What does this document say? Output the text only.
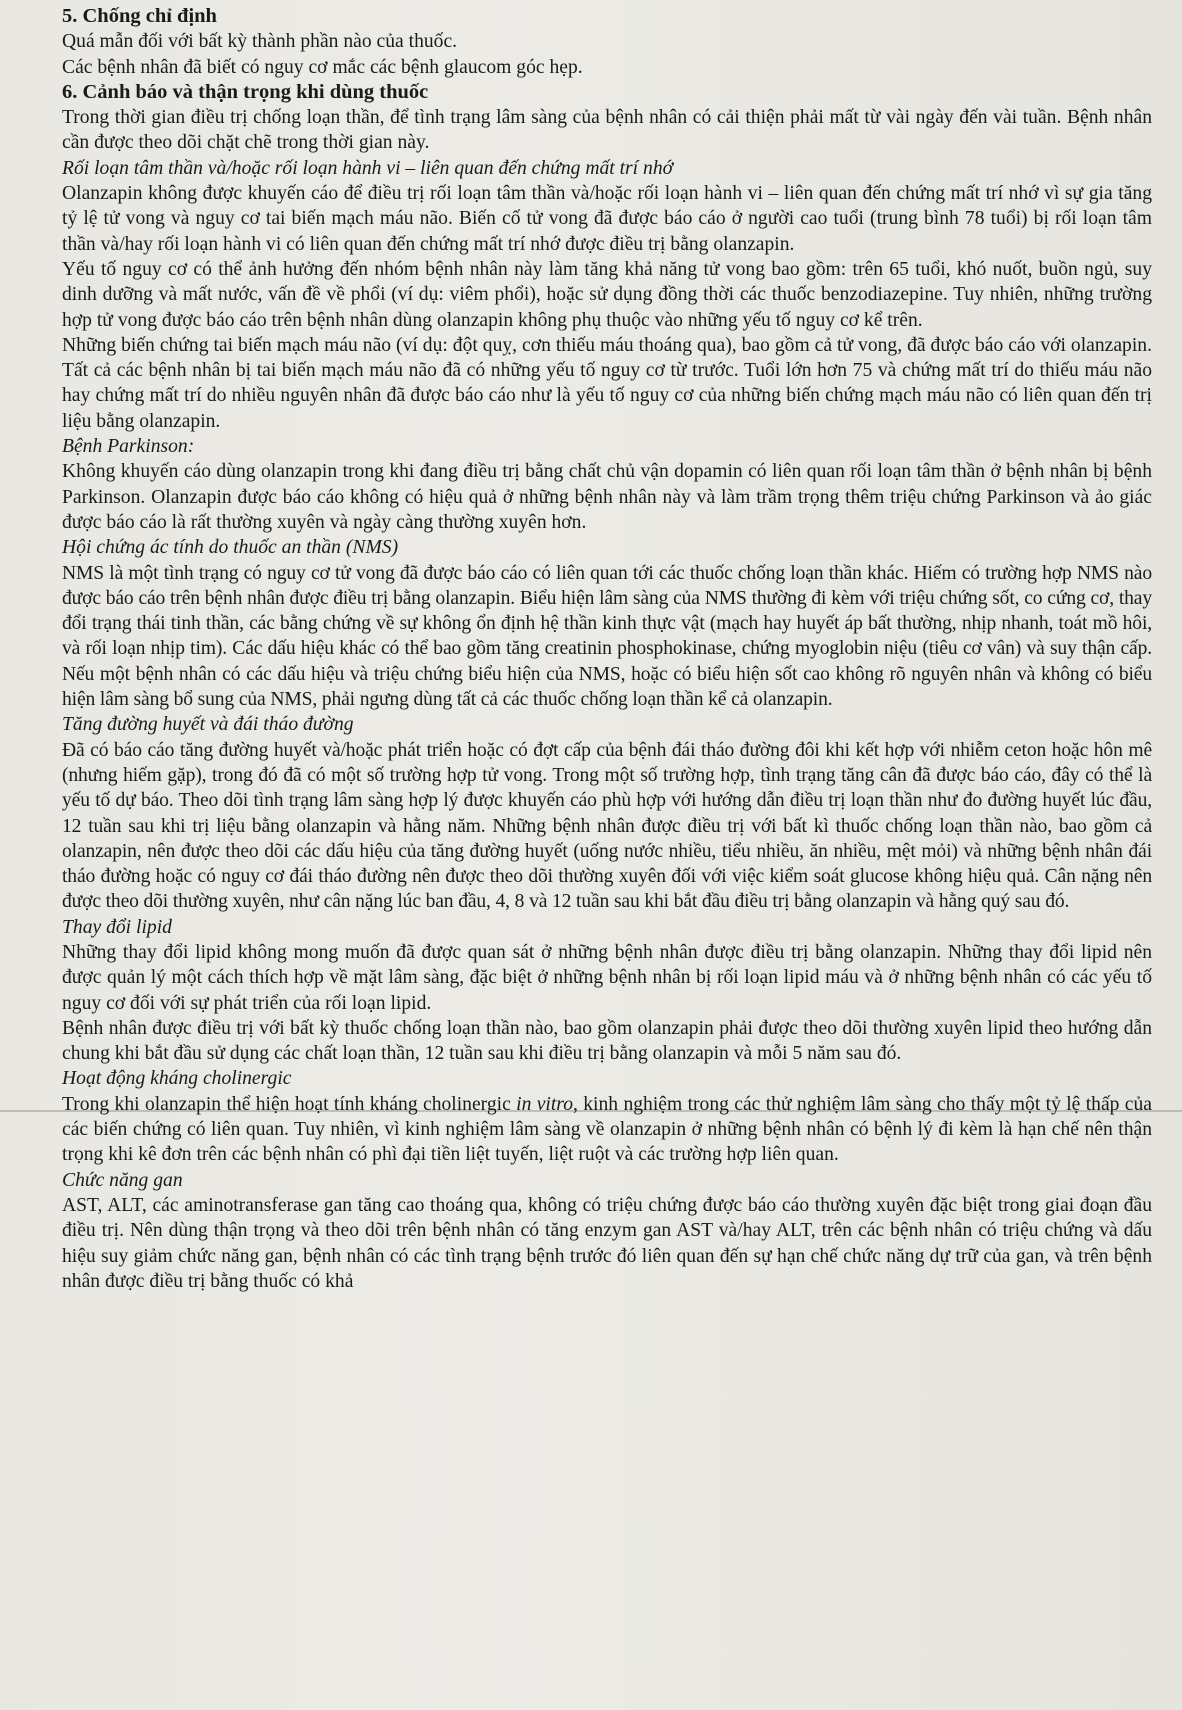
5. Chống chỉ định

Quá mẫn đối với bất kỳ thành phần nào của thuốc.

Các bệnh nhân đã biết có nguy cơ mắc các bệnh glaucom góc hẹp.

6. Cảnh báo và thận trọng khi dùng thuốc

Trong thời gian điều trị chống loạn thần, để tình trạng lâm sàng của bệnh nhân có cải thiện phải mất từ vài ngày đến vài tuần. Bệnh nhân cần được theo dõi chặt chẽ trong thời gian này.

Rối loạn tâm thần và/hoặc rối loạn hành vi – liên quan đến chứng mất trí nhớ

Olanzapin không được khuyến cáo để điều trị rối loạn tâm thần và/hoặc rối loạn hành vi – liên quan đến chứng mất trí nhớ vì sự gia tăng tỷ lệ tử vong và nguy cơ tai biến mạch máu não. Biến cố tử vong đã được báo cáo ở người cao tuổi (trung bình 78 tuổi) bị rối loạn tâm thần và/hay rối loạn hành vi có liên quan đến chứng mất trí nhớ được điều trị bằng olanzapin.

Yếu tố nguy cơ có thể ảnh hưởng đến nhóm bệnh nhân này làm tăng khả năng tử vong bao gồm: trên 65 tuổi, khó nuốt, buồn ngủ, suy dinh dưỡng và mất nước, vấn đề về phổi (ví dụ: viêm phổi), hoặc sử dụng đồng thời các thuốc benzodiazepine. Tuy nhiên, những trường hợp tử vong được báo cáo trên bệnh nhân dùng olanzapin không phụ thuộc vào những yếu tố nguy cơ kể trên.

Những biến chứng tai biến mạch máu não (ví dụ: đột quỵ, cơn thiếu máu thoáng qua), bao gồm cả tử vong, đã được báo cáo với olanzapin. Tất cả các bệnh nhân bị tai biến mạch máu não đã có những yếu tố nguy cơ từ trước. Tuổi lớn hơn 75 và chứng mất trí do thiếu máu não hay chứng mất trí do nhiều nguyên nhân đã được báo cáo như là yếu tố nguy cơ của những biến chứng mạch máu não có liên quan đến trị liệu bằng olanzapin.

Bệnh Parkinson:

Không khuyến cáo dùng olanzapin trong khi đang điều trị bằng chất chủ vận dopamin có liên quan rối loạn tâm thần ở bệnh nhân bị bệnh Parkinson. Olanzapin được báo cáo không có hiệu quả ở những bệnh nhân này và làm trầm trọng thêm triệu chứng Parkinson và ảo giác được báo cáo là rất thường xuyên và ngày càng thường xuyên hơn.

Hội chứng ác tính do thuốc an thần (NMS)

NMS là một tình trạng có nguy cơ tử vong đã được báo cáo có liên quan tới các thuốc chống loạn thần khác. Hiếm có trường hợp NMS nào được báo cáo trên bệnh nhân được điều trị bằng olanzapin. Biểu hiện lâm sàng của NMS thường đi kèm với triệu chứng sốt, co cứng cơ, thay đổi trạng thái tinh thần, các bằng chứng về sự không ổn định hệ thần kinh thực vật (mạch hay huyết áp bất thường, nhịp nhanh, toát mồ hôi, và rối loạn nhịp tim). Các dấu hiệu khác có thể bao gồm tăng creatinin phosphokinase, chứng myoglobin niệu (tiêu cơ vân) và suy thận cấp. Nếu một bệnh nhân có các dấu hiệu và triệu chứng biểu hiện của NMS, hoặc có biểu hiện sốt cao không rõ nguyên nhân và không có biểu hiện lâm sàng bổ sung của NMS, phải ngưng dùng tất cả các thuốc chống loạn thần kể cả olanzapin.

Tăng đường huyết và đái tháo đường

Đã có báo cáo tăng đường huyết và/hoặc phát triển hoặc có đợt cấp của bệnh đái tháo đường đôi khi kết hợp với nhiễm ceton hoặc hôn mê (nhưng hiếm gặp), trong đó đã có một số trường hợp tử vong. Trong một số trường hợp, tình trạng tăng cân đã được báo cáo, đây có thể là yếu tố dự báo. Theo dõi tình trạng lâm sàng hợp lý được khuyến cáo phù hợp với hướng dẫn điều trị loạn thần như đo đường huyết lúc đầu, 12 tuần sau khi trị liệu bằng olanzapin và hằng năm. Những bệnh nhân được điều trị với bất kì thuốc chống loạn thần nào, bao gồm cả olanzapin, nên được theo dõi các dấu hiệu của tăng đường huyết (uống nước nhiều, tiểu nhiều, ăn nhiều, mệt mỏi) và những bệnh nhân đái tháo đường hoặc có nguy cơ đái tháo đường nên được theo dõi thường xuyên đối với việc kiểm soát glucose không hiệu quả. Cân nặng nên được theo dõi thường xuyên, như cân nặng lúc ban đầu, 4, 8 và 12 tuần sau khi bắt đầu điều trị bằng olanzapin và hằng quý sau đó.

Thay đổi lipid

Những thay đổi lipid không mong muốn đã được quan sát ở những bệnh nhân được điều trị bằng olanzapin. Những thay đổi lipid nên được quản lý một cách thích hợp về mặt lâm sàng, đặc biệt ở những bệnh nhân bị rối loạn lipid máu và ở những bệnh nhân có các yếu tố nguy cơ đối với sự phát triển của rối loạn lipid.

Bệnh nhân được điều trị với bất kỳ thuốc chống loạn thần nào, bao gồm olanzapin phải được theo dõi thường xuyên lipid theo hướng dẫn chung khi bắt đầu sử dụng các chất loạn thần, 12 tuần sau khi điều trị bằng olanzapin và mỗi 5 năm sau đó.

Hoạt động kháng cholinergic

Trong khi olanzapin thể hiện hoạt tính kháng cholinergic in vitro, kinh nghiệm trong các thử nghiệm lâm sàng cho thấy một tỷ lệ thấp của các biến chứng có liên quan. Tuy nhiên, vì kinh nghiệm lâm sàng về olanzapin ở những bệnh nhân có bệnh lý đi kèm là hạn chế nên thận trọng khi kê đơn trên các bệnh nhân có phì đại tiền liệt tuyến, liệt ruột và các trường hợp liên quan.

Chức năng gan

AST, ALT, các aminotransferase gan tăng cao thoáng qua, không có triệu chứng được báo cáo thường xuyên đặc biệt trong giai đoạn đầu điều trị. Nên dùng thận trọng và theo dõi trên bệnh nhân có tăng enzym gan AST và/hay ALT, trên các bệnh nhân có triệu chứng và dấu hiệu suy giảm chức năng gan, bệnh nhân có các tình trạng bệnh trước đó liên quan đến sự hạn chế chức năng dự trữ của gan, và trên bệnh nhân được điều trị bằng thuốc có khả
